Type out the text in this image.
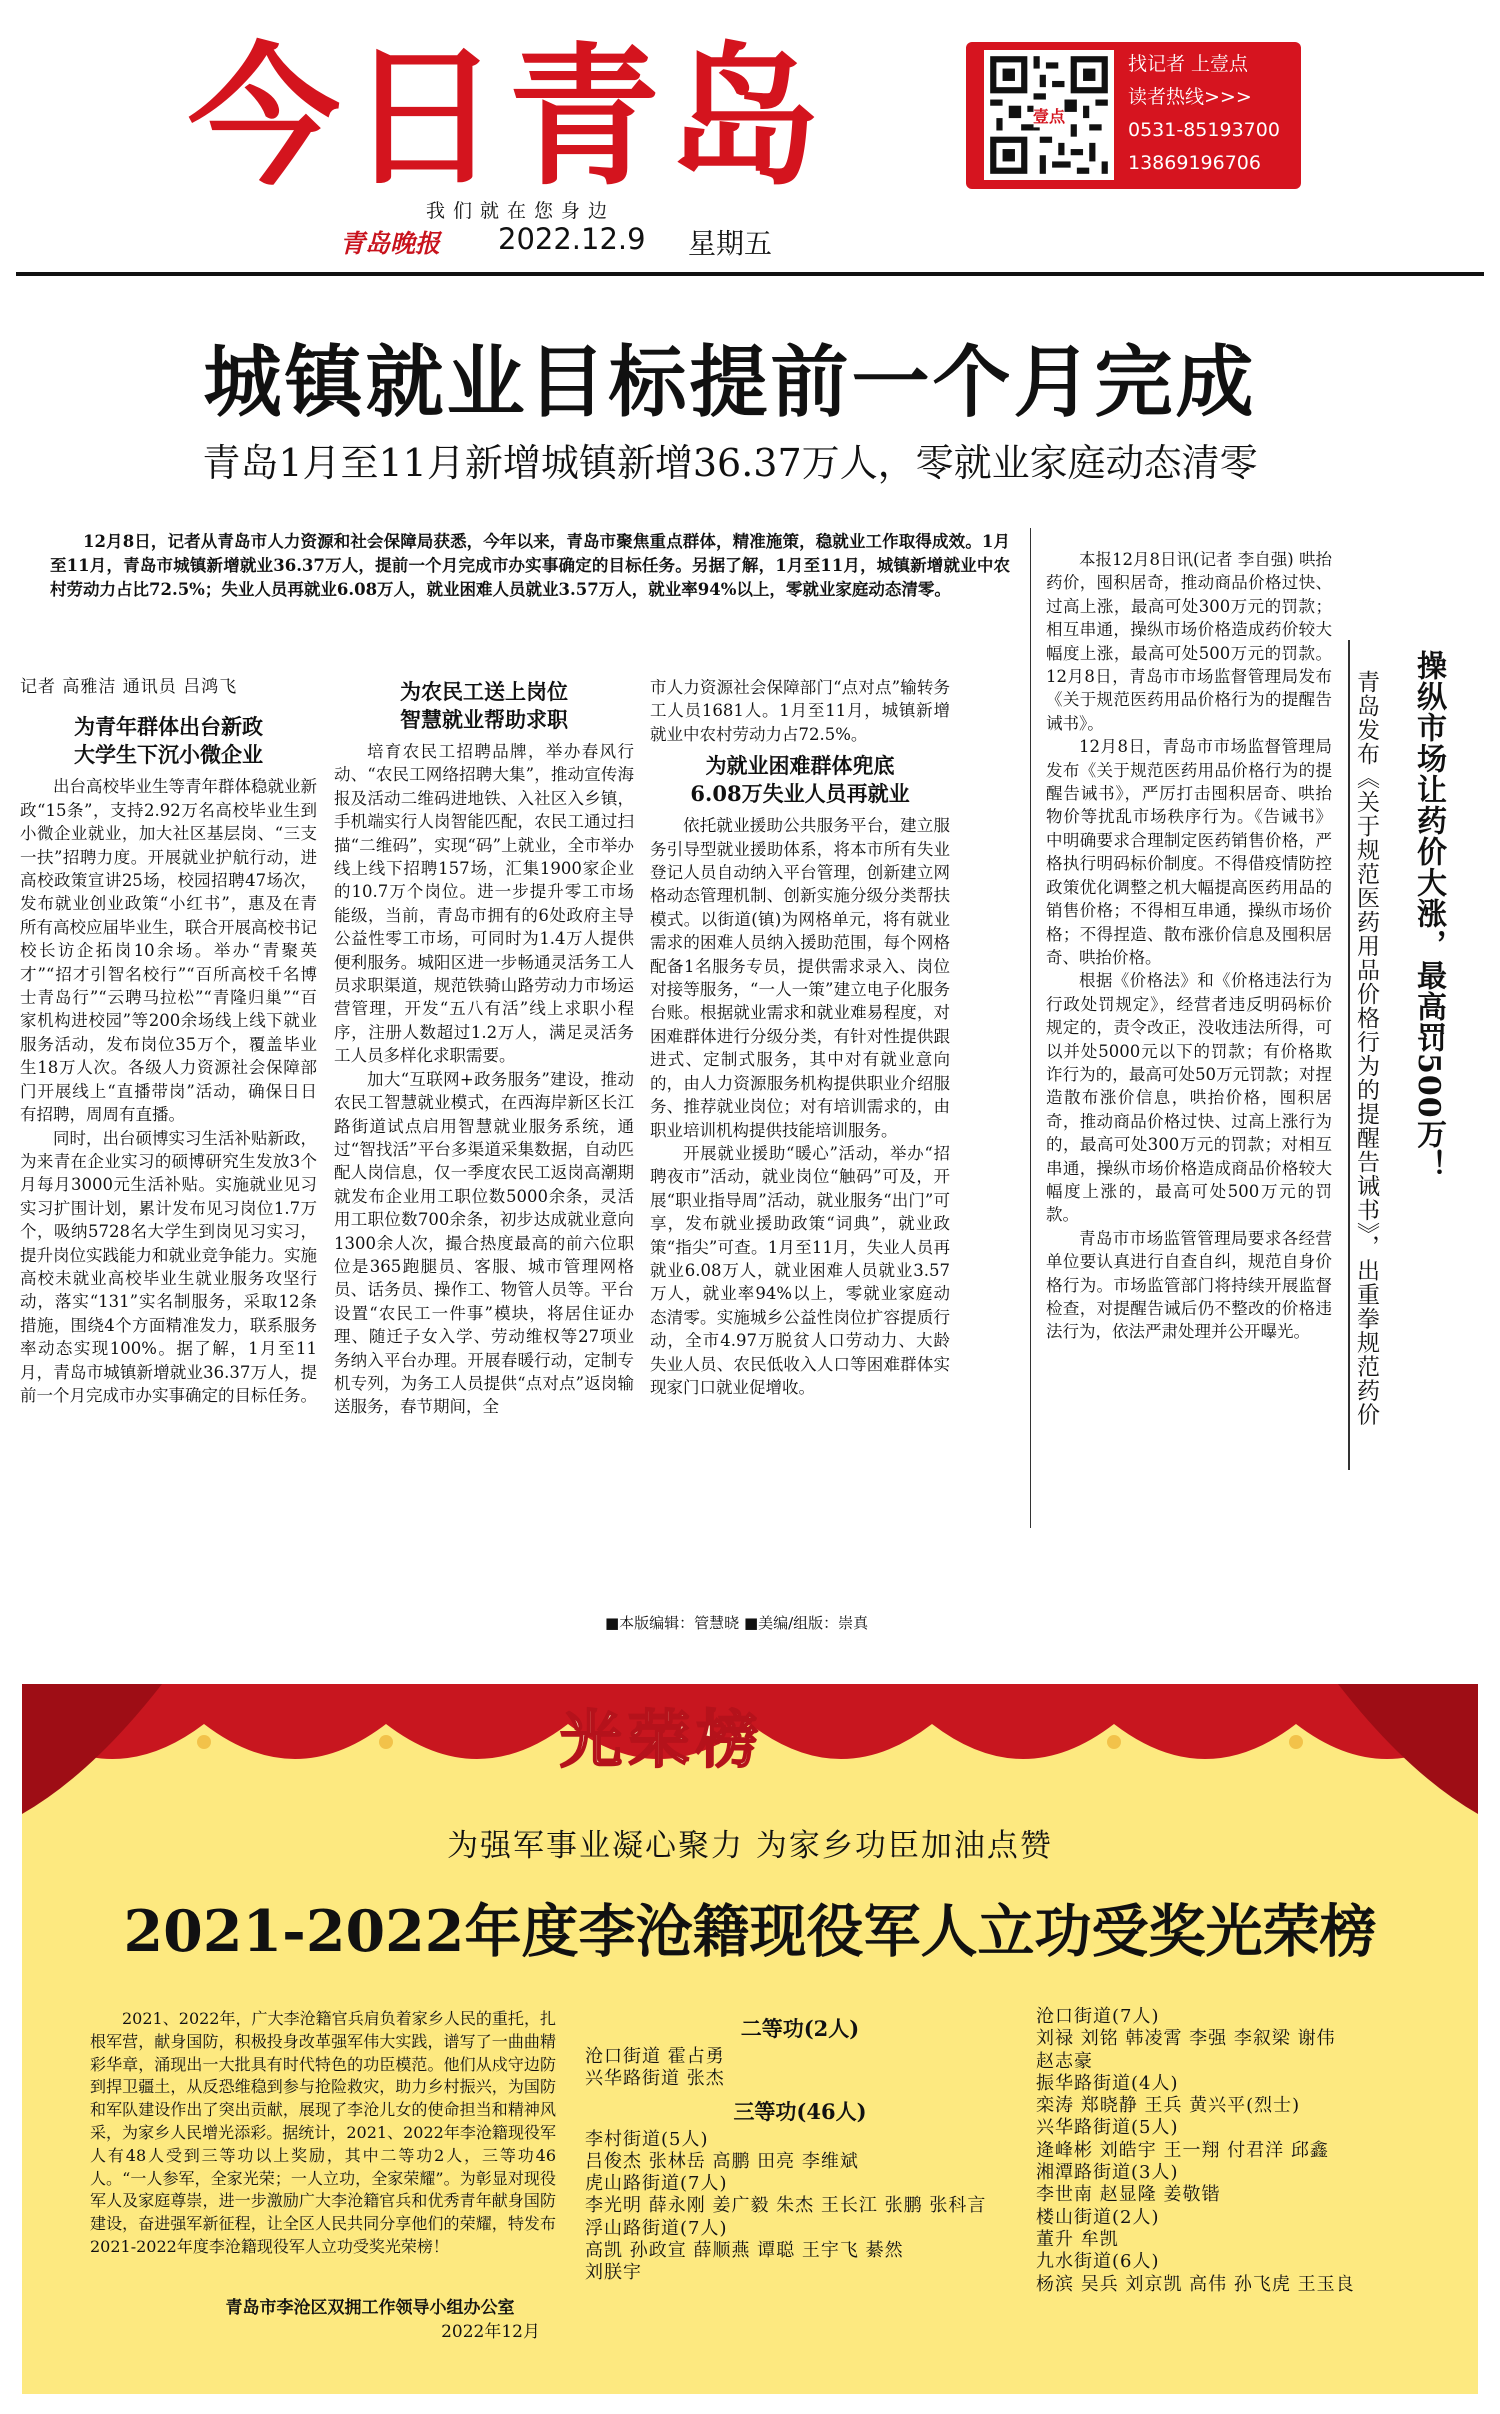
今日青岛
我们就在您身边
青岛晚报 2022.12.9 星期五
壹点
找记者 上壹点
读者热线>>>
0531-85193700
13869196706
城镇就业目标提前一个月完成
青岛1月至11月新增城镇新增36.37万人，零就业家庭动态清零
12月8日，记者从青岛市人力资源和社会保障局获悉，今年以来，青岛市聚焦重点群体，精准施策，稳就业工作取得成效。1月至11月，青岛市城镇新增就业36.37万人，提前一个月完成市办实事确定的目标任务。另据了解，1月至11月，城镇新增就业中农村劳动力占比72.5%；失业人员再就业6.08万人，就业困难人员就业3.57万人，就业率94%以上，零就业家庭动态清零。
记者 高雅洁 通讯员 吕鸿飞
为青年群体出台新政
大学生下沉小微企业

出台高校毕业生等青年群体稳就业新政“15条”，支持2.92万名高校毕业生到小微企业就业，加大社区基层岗、“三支一扶”招聘力度。开展就业护航行动，进高校政策宣讲25场，校园招聘47场次，发布就业创业政策“小红书”，惠及在青所有高校应届毕业生，联合开展高校书记校长访企拓岗10余场。举办“青聚英才”“招才引智名校行”“百所高校千名博士青岛行”“云聘马拉松”“青隆归巢”“百家机构进校园”等200余场线上线下就业服务活动，发布岗位35万个，覆盖毕业生18万人次。各级人力资源社会保障部门开展线上“直播带岗”活动，确保日日有招聘，周周有直播。

同时，出台硕博实习生活补贴新政，为来青在企业实习的硕博研究生发放3个月每月3000元生活补贴。实施就业见习实习扩围计划，累计发布见习岗位1.7万个，吸纳5728名大学生到岗见习实习，提升岗位实践能力和就业竞争能力。实施高校未就业高校毕业生就业服务攻坚行动，落实“131”实名制服务，采取12条措施，围绕4个方面精准发力，联系服务率动态实现100%。据了解，1月至11月，青岛市城镇新增就业36.37万人，提前一个月完成市办实事确定的目标任务。

为农民工送上岗位
智慧就业帮助求职

培育农民工招聘品牌，举办春风行动、“农民工网络招聘大集”，推动宣传海报及活动二维码进地铁、入社区入乡镇，手机端实行人岗智能匹配，农民工通过扫描“二维码”，实现“码”上就业，全市举办线上线下招聘157场，汇集1900家企业的10.7万个岗位。进一步提升零工市场能级，当前，青岛市拥有的6处政府主导公益性零工市场，可同时为1.4万人提供便利服务。城阳区进一步畅通灵活务工人员求职渠道，规范铁骑山路劳动力市场运营管理，开发“五八有活”线上求职小程序，注册人数超过1.2万人，满足灵活务工人员多样化求职需要。

加大“互联网+政务服务”建设，推动农民工智慧就业模式，在西海岸新区长江路街道试点启用智慧就业服务系统，通过“智找活”平台多渠道采集数据，自动匹配人岗信息，仅一季度农民工返岗高潮期就发布企业用工职位数5000余条，灵活用工职位数700余条，初步达成就业意向1300余人次，撮合热度最高的前六位职位是365跑腿员、客服、城市管理网格员、话务员、操作工、物管人员等。平台设置“农民工一件事”模块，将居住证办理、随迁子女入学、劳动维权等27项业务纳入平台办理。开展春暖行动，定制专机专列，为务工人员提供“点对点”返岗输送服务，春节期间，全

市人力资源社会保障部门“点对点”输转务工人员1681人。1月至11月，城镇新增就业中农村劳动力占72.5%。

为就业困难群体兜底
6.08万失业人员再就业

依托就业援助公共服务平台，建立服务引导型就业援助体系，将本市所有失业登记人员自动纳入平台管理，创新建立网格动态管理机制、创新实施分级分类帮扶模式。以街道(镇)为网格单元，将有就业需求的困难人员纳入援助范围，每个网格配备1名服务专员，提供需求录入、岗位对接等服务，“一人一策”建立电子化服务台账。根据就业需求和就业难易程度，对困难群体进行分级分类，有针对性提供跟进式、定制式服务，其中对有就业意向的，由人力资源服务机构提供职业介绍服务、推荐就业岗位；对有培训需求的，由职业培训机构提供技能培训服务。

开展就业援助“暖心”活动，举办“招聘夜市”活动，就业岗位“触码”可及，开展“职业指导周”活动，就业服务“出门”可享，发布就业援助政策“词典”，就业政策“指尖”可查。1月至11月，失业人员再就业6.08万人，就业困难人员就业3.57万人，就业率94%以上，零就业家庭动态清零。实施城乡公益性岗位扩容提质行动，全市4.97万脱贫人口劳动力、大龄失业人员、农民低收入人口等困难群体实现家门口就业促增收。

本报12月8日讯(记者 李自强) 哄抬药价，囤积居奇，推动商品价格过快、过高上涨，最高可处300万元的罚款；相互串通，操纵市场价格造成药价较大幅度上涨，最高可处500万元的罚款。12月8日，青岛市市场监督管理局发布《关于规范医药用品价格行为的提醒告诫书》。

12月8日，青岛市市场监督管理局发布《关于规范医药用品价格行为的提醒告诫书》，严厉打击囤积居奇、哄抬物价等扰乱市场秩序行为。《告诫书》中明确要求合理制定医药销售价格，严格执行明码标价制度。不得借疫情防控政策优化调整之机大幅提高医药用品的销售价格；不得相互串通，操纵市场价格；不得捏造、散布涨价信息及囤积居奇、哄抬价格。

根据《价格法》和《价格违法行为行政处罚规定》，经营者违反明码标价规定的，责令改正，没收违法所得，可以并处5000元以下的罚款；有价格欺诈行为的，最高可处50万元罚款；对捏造散布涨价信息，哄抬价格，囤积居奇，推动商品价格过快、过高上涨行为的，最高可处300万元的罚款；对相互串通，操纵市场价格造成商品价格较大幅度上涨的，最高可处500万元的罚款。

青岛市市场监管管理局要求各经营单位要认真进行自查自纠，规范自身价格行为。市场监管部门将持续开展监督检查，对提醒告诫后仍不整改的价格违法行为，依法严肃处理并公开曝光。

操纵市场让药价大涨，最高罚500万！
青岛发布《关于规范医药用品价格行为的提醒告诫书》，出重拳规范药价
■本版编辑：管慧晓 ■美编/组版：崇真
光荣榜
为强军事业凝心聚力 为家乡功臣加油点赞
2021-2022年度李沧籍现役军人立功受奖光荣榜
2021、2022年，广大李沧籍官兵肩负着家乡人民的重托，扎根军营，献身国防，积极投身改革强军伟大实践，谱写了一曲曲精彩华章，涌现出一大批具有时代特色的功臣模范。他们从戍守边防到捍卫疆土，从反恐维稳到参与抢险救灾，助力乡村振兴，为国防和军队建设作出了突出贡献，展现了李沧儿女的使命担当和精神风采，为家乡人民增光添彩。据统计，2021、2022年李沧籍现役军人有48人受到三等功以上奖励，其中二等功2人，三等功46人。“一人参军，全家光荣；一人立功，全家荣耀”。为彰显对现役军人及家庭尊崇，进一步激励广大李沧籍官兵和优秀青年献身国防建设，奋进强军新征程，让全区人民共同分享他们的荣耀，特发布2021-2022年度李沧籍现役军人立功受奖光荣榜！
青岛市李沧区双拥工作领导小组办公室
2022年12月
二等功(2人)
沧口街道 霍占勇
兴华路街道 张杰
三等功(46人)
李村街道(5人)
吕俊杰 张林岳 高鹏 田亮 李维斌
虎山路街道(7人)
李光明 薛永刚 姜广毅 朱杰 王长江 张鹏 张科言
浮山路街道(7人)
高凯 孙政宣 薛顺燕 谭聪 王宇飞 綦然
刘朕宇
沧口街道(7人)
刘禄 刘铭 韩凌霄 李强 李叙梁 谢伟
赵志豪
振华路街道(4人)
栾涛 郑晓静 王兵 黄兴平(烈士)
兴华路街道(5人)
逄峰彬 刘皓宇 王一翔 付君洋 邱鑫
湘潭路街道(3人)
李世南 赵显隆 姜敬锴
楼山街道(2人)
董升 牟凯
九水街道(6人)
杨滨 吴兵 刘京凯 高伟 孙飞虎 王玉良
